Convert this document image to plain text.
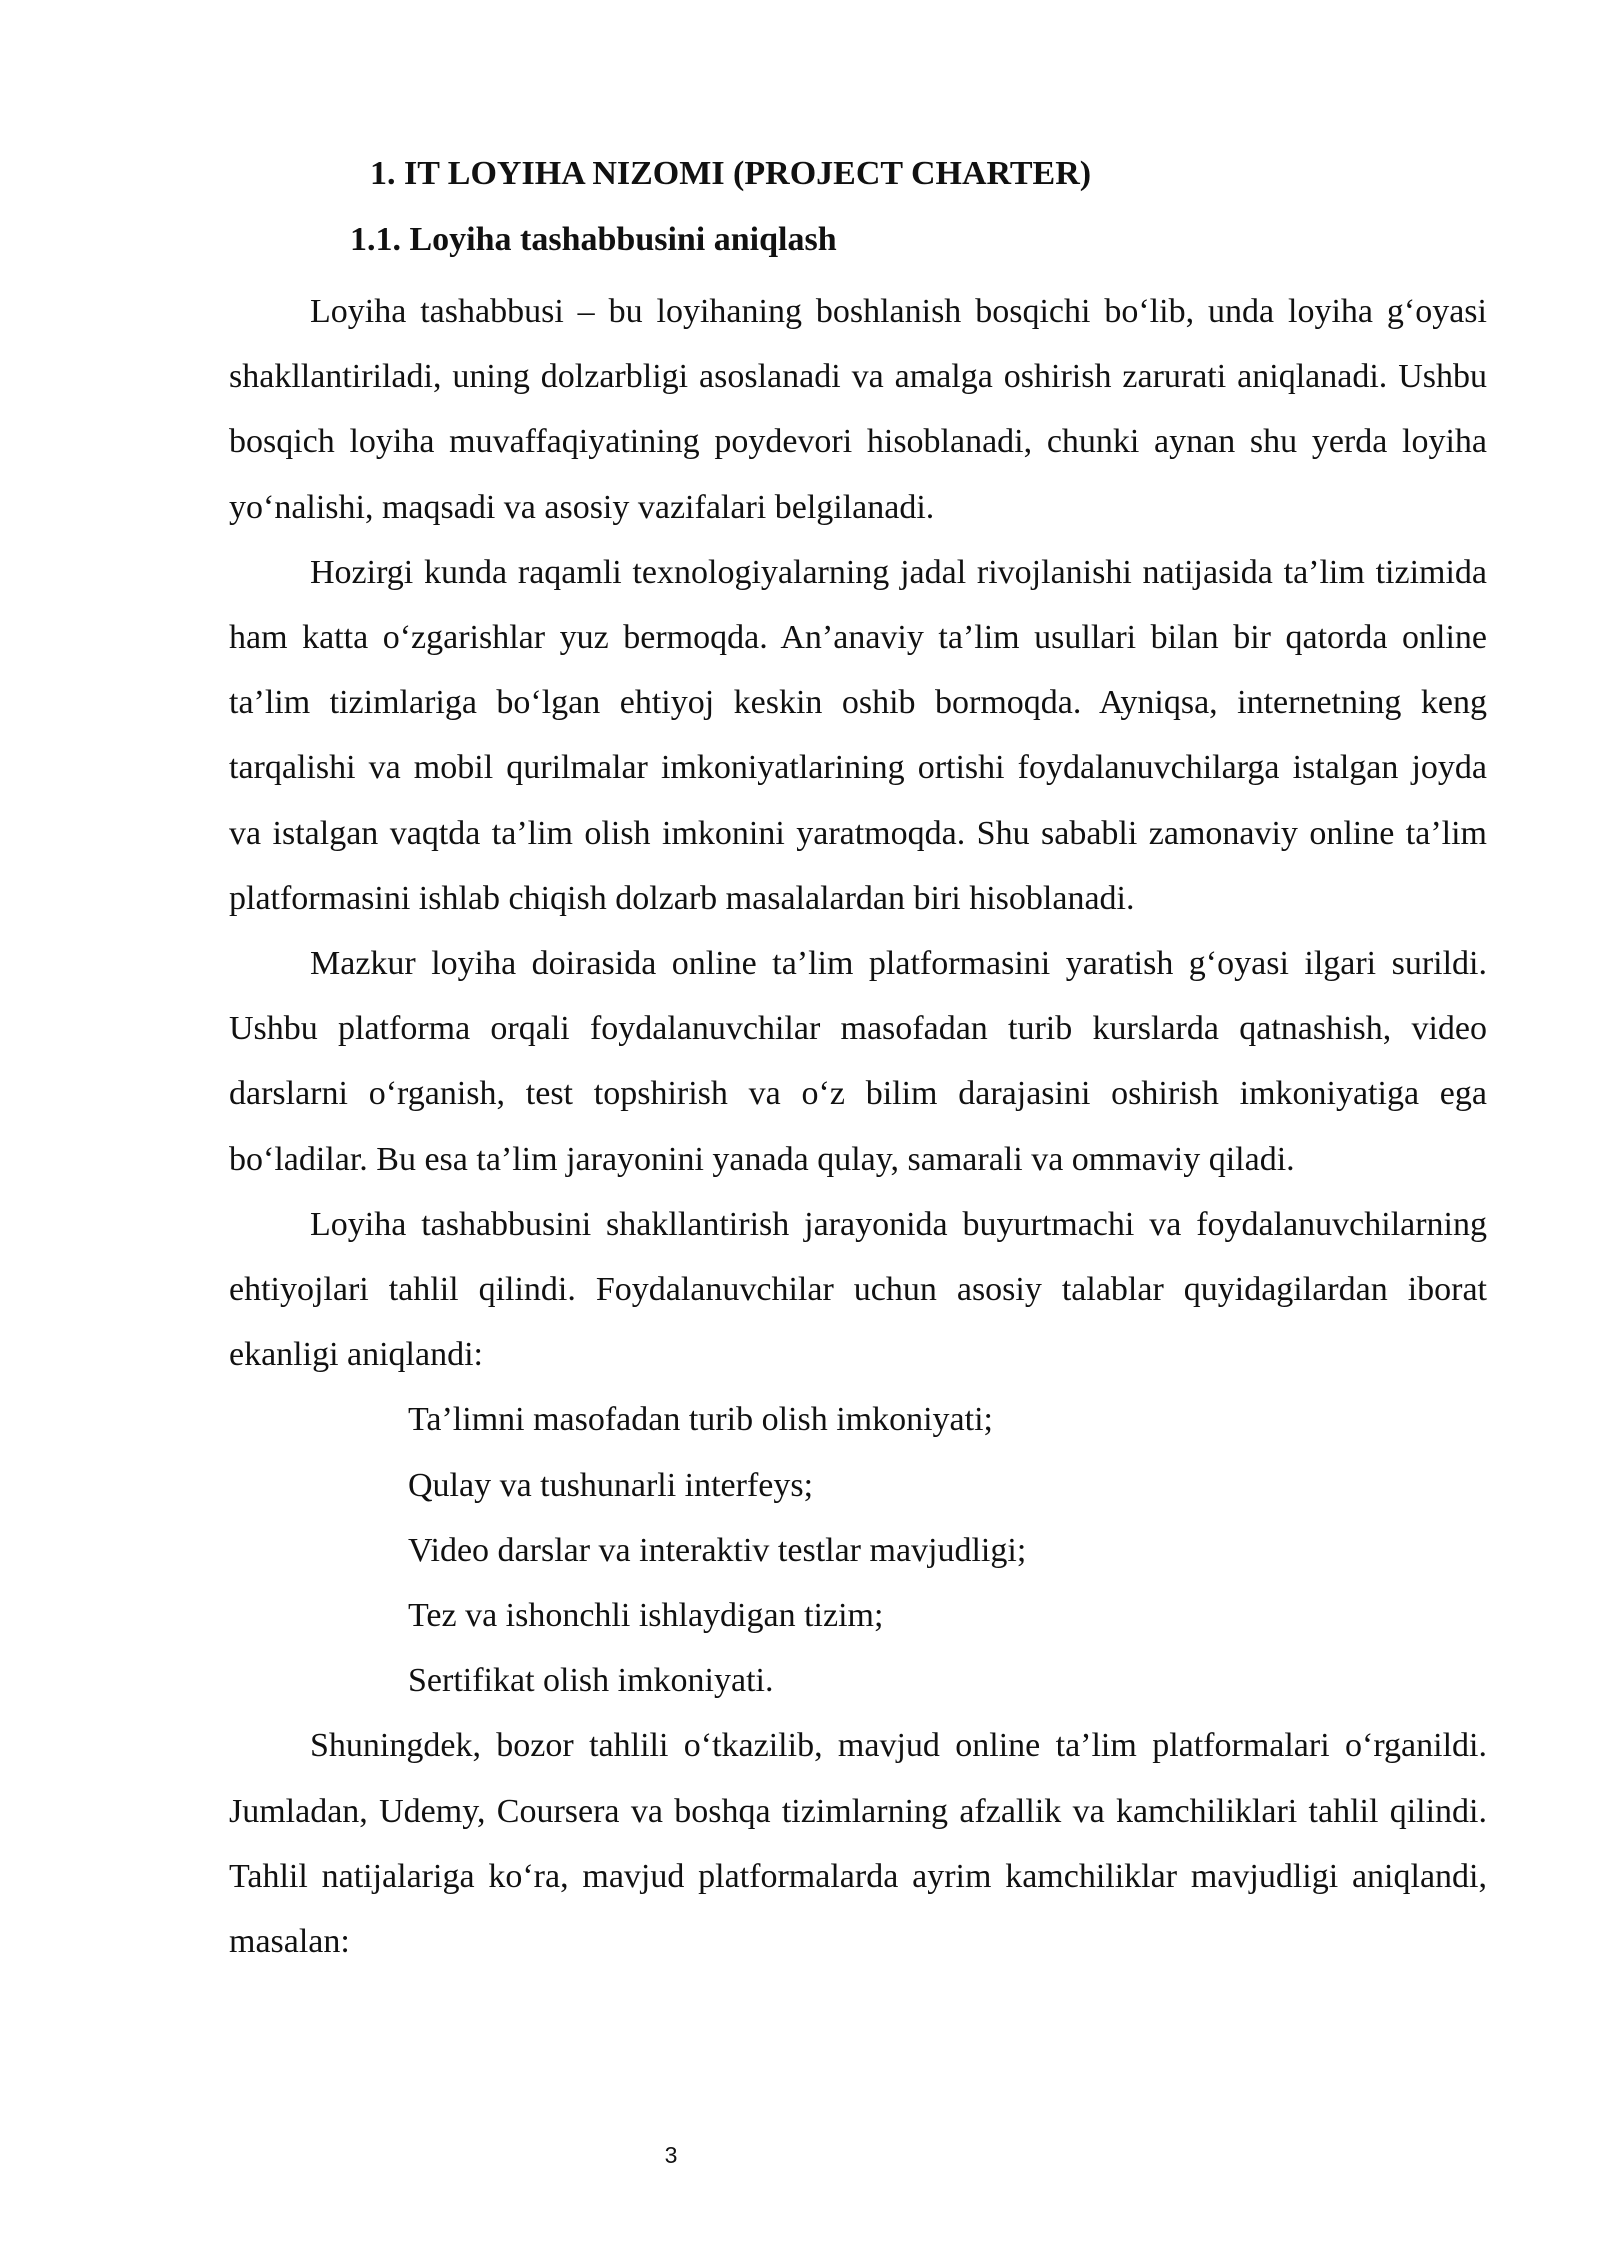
1. IT LOYIHA NIZOMI (PROJECT CHARTER)
1.1. Loyiha tashabbusini aniqlash

Loyiha tashabbusi – bu loyihaning boshlanish bosqichi bo‘lib, unda loyiha g‘oyasi shakllantiriladi, uning dolzarbligi asoslanadi va amalga oshirish zarurati aniqlanadi. Ushbu bosqich loyiha muvaffaqiyatining poydevori hisoblanadi, chunki aynan shu yerda loyiha yo‘nalishi, maqsadi va asosiy vazifalari belgilanadi.

Hozirgi kunda raqamli texnologiyalarning jadal rivojlanishi natijasida ta’lim tizimida ham katta o‘zgarishlar yuz bermoqda. An’anaviy ta’lim usullari bilan bir qatorda online ta’lim tizimlariga bo‘lgan ehtiyoj keskin oshib bormoqda. Ayniqsa, internetning keng tarqalishi va mobil qurilmalar imkoniyatlarining ortishi foydalanuvchilarga istalgan joyda va istalgan vaqtda ta’lim olish imkonini yaratmoqda. Shu sababli zamonaviy online ta’lim platformasini ishlab chiqish dolzarb masalalardan biri hisoblanadi.

Mazkur loyiha doirasida online ta’lim platformasini yaratish g‘oyasi ilgari surildi. Ushbu platforma orqali foydalanuvchilar masofadan turib kurslarda qatnashish, video darslarni o‘rganish, test topshirish va o‘z bilim darajasini oshirish imkoniyatiga ega bo‘ladilar. Bu esa ta’lim jarayonini yanada qulay, samarali va ommaviy qiladi.

Loyiha tashabbusini shakllantirish jarayonida buyurtmachi va foydalanuvchilarning ehtiyojlari tahlil qilindi. Foydalanuvchilar uchun asosiy talablar quyidagilardan iborat ekanligi aniqlandi:

Ta’limni masofadan turib olish imkoniyati;

Qulay va tushunarli interfeys;

Video darslar va interaktiv testlar mavjudligi;

Tez va ishonchli ishlaydigan tizim;

Sertifikat olish imkoniyati.

Shuningdek, bozor tahlili o‘tkazilib, mavjud online ta’lim platformalari o‘rganildi. Jumladan, Udemy, Coursera va boshqa tizimlarning afzallik va kamchiliklari tahlil qilindi. Tahlil natijalariga ko‘ra, mavjud platformalarda ayrim kamchiliklar mavjudligi aniqlandi, masalan:

3
